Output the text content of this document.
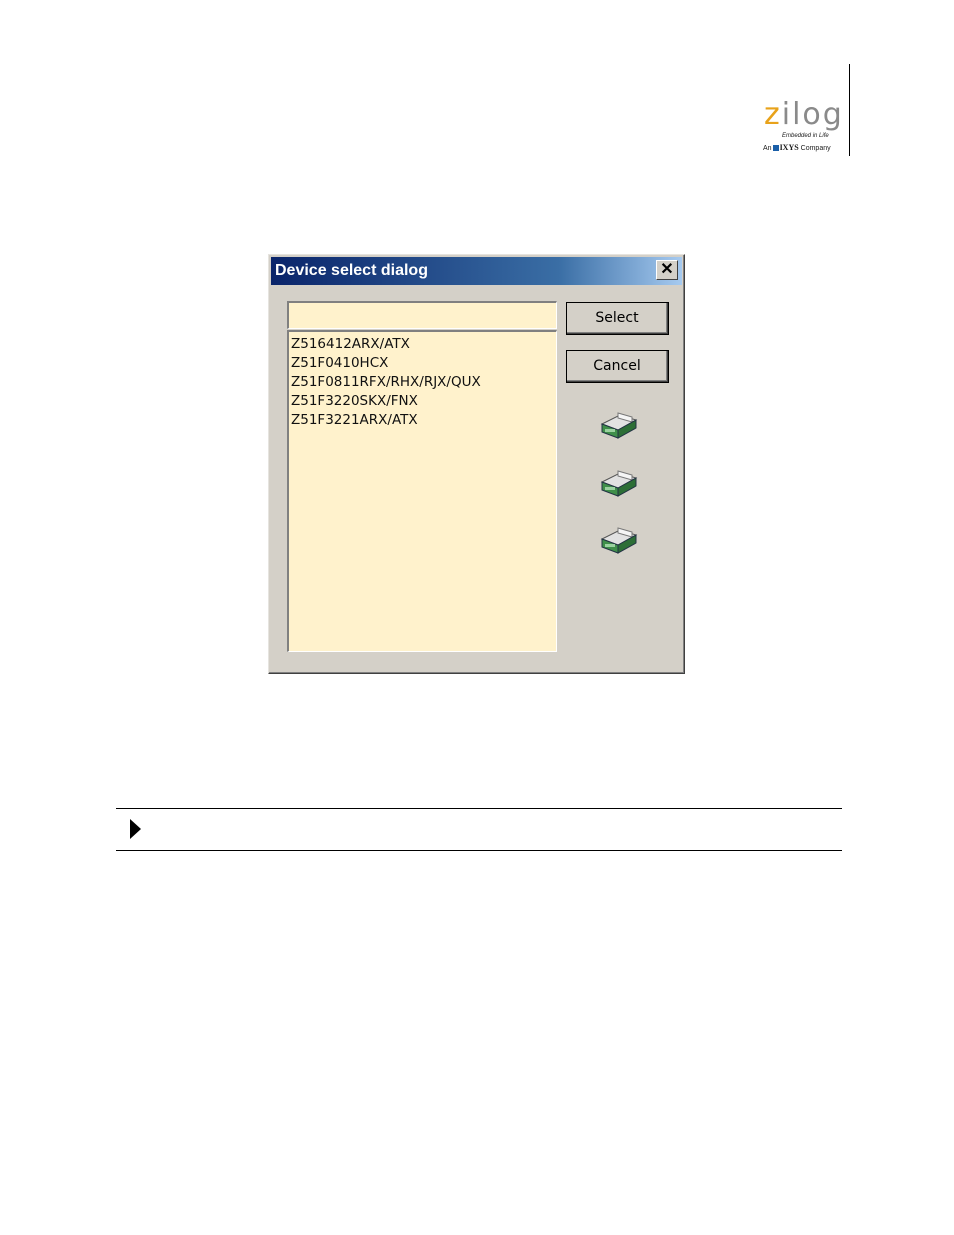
zilog
Embedded in Life
An IXYS Company
Device select dialog	✕
Z516412ARX/ATX
Z51F0410HCX
Z51F0811RFX/RHX/RJX/QUX
Z51F3220SKX/FNX
Z51F3221ARX/ATX
Select
Cancel
